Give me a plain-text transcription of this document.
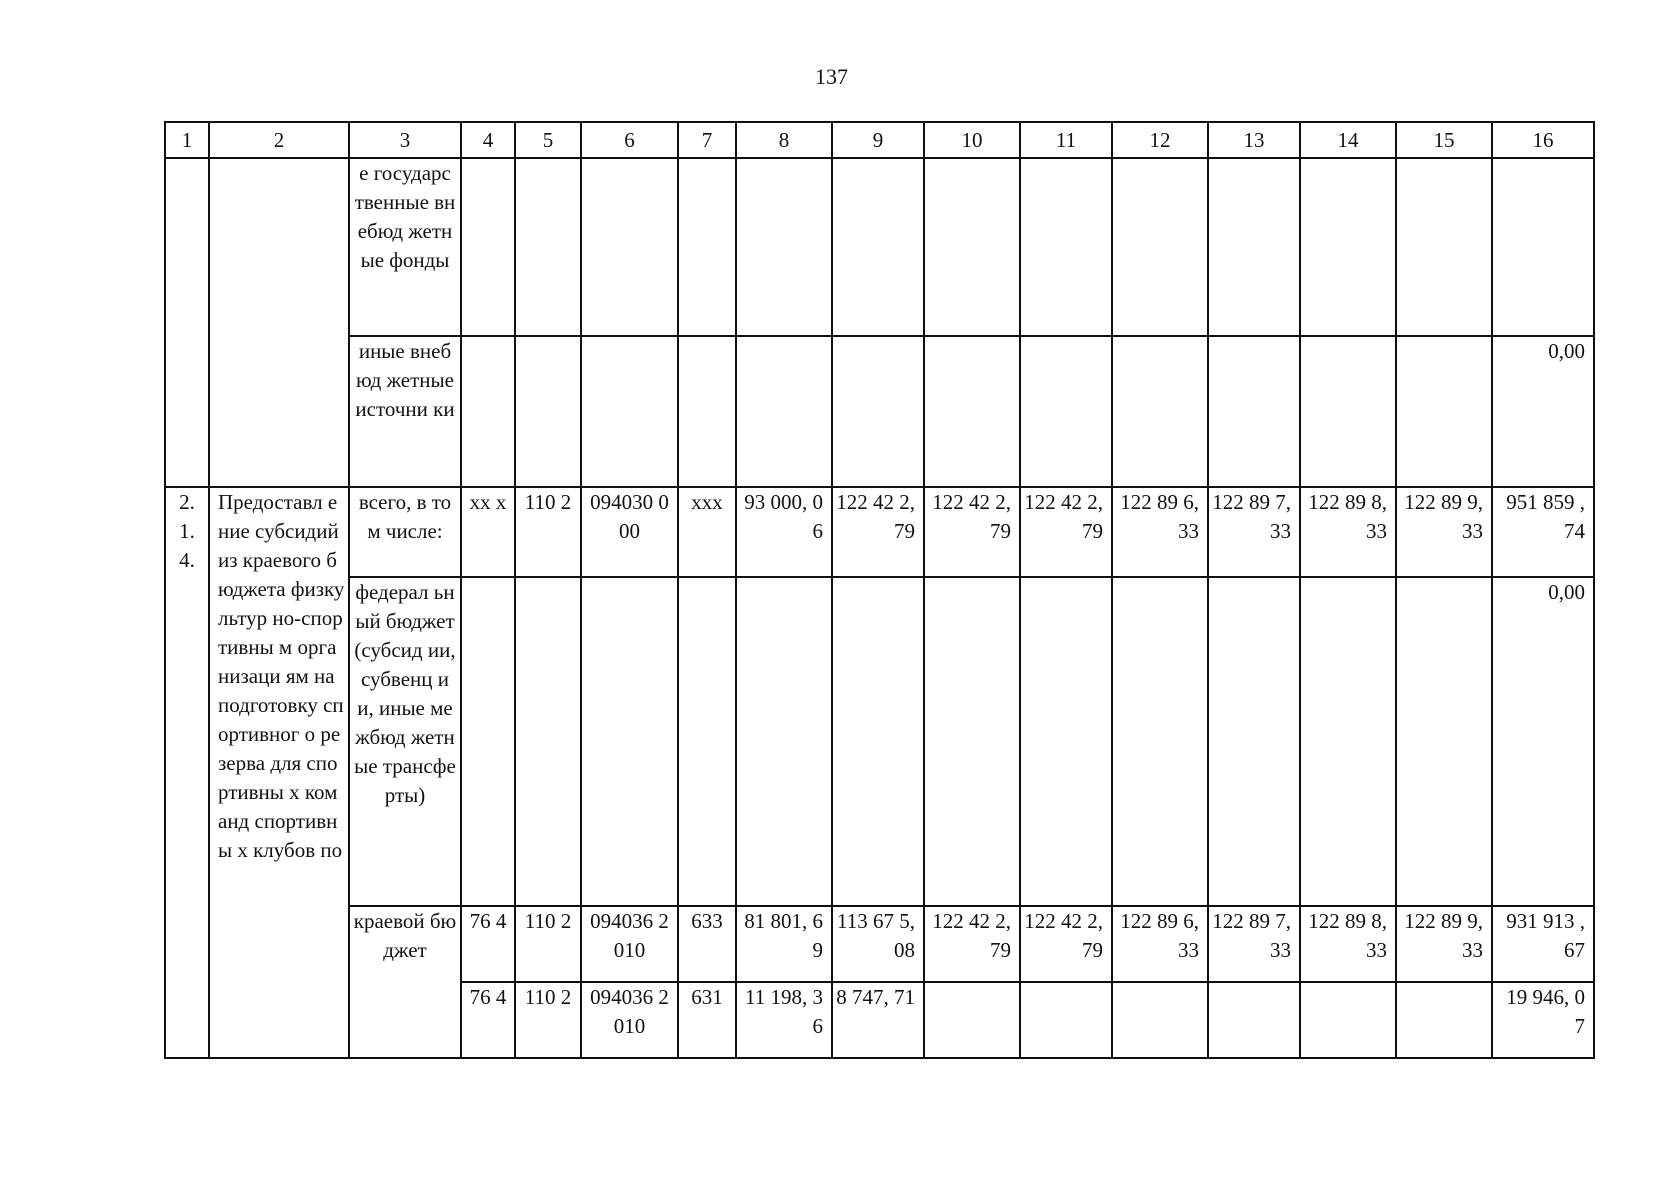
137
1	2	3	4	5	6	7	8	9	10	11	12	13	14	15	16
		е государс твенные внебюд жетные фонды													
		иные внебюд жетные источни ки													0,00
2. 1. 4.	Предоставл ение субсидий из краевого бюджета физкультур но-спортивны м организаци ям на подготовку спортивног о резерва для спортивны х команд спортивны х клубов по	всего, в том числе:	xx x	110 2	094030 000	xxx	93 000, 06	122 42 2,79	122 42 2,79	122 42 2,79	122 89 6,33	122 89 7,33	122 89 8,33	122 89 9,33	951 859 ,74
		федерал ьный бюджет (субсид ии, субвенц ии, иные межбюд жетные трансфе рты)													0,00
		краевой бюджет	76 4	110 2	094036 2010	633	81 801, 69	113 67 5,08	122 42 2,79	122 42 2,79	122 89 6,33	122 89 7,33	122 89 8,33	122 89 9,33	931 913 ,67
			76 4	110 2	094036 2010	631	11 198, 36	8 747, 71							19 946, 07
